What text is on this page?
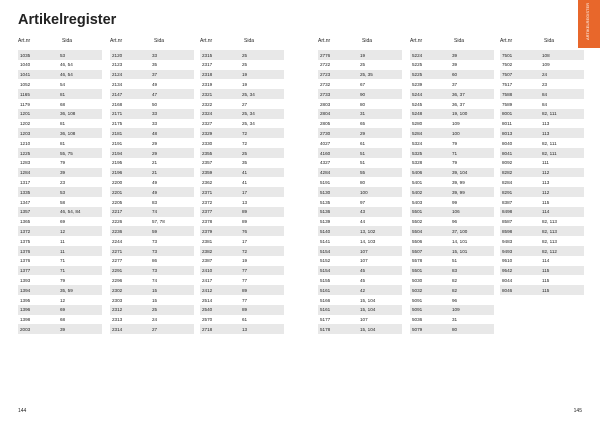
Artikelregister
Art.nr	Sida
1035	53
1040	46, 54
1041	46, 54
1052	54
1165	81
1179	68
1201	36, 108
1202	81
1203	36, 108
1210	81
1225	55, 75
1283	79
1284	39
1317	23
1335	53
1347	58
1357	46, 54, 84
1365	69
1372	12
1375	11
1376	11
1376	71
1377	71
1393	79
1394	35, 59
1395	12
1396	69
1398	68
2003	39
Art.nr	Sida
2120	33
2123	35
2124	37
2134	49
2147	47
2168	50
2171	33
2175	33
2181	48
2191	29
2194	29
2195	21
2196	21
2200	49
2201	49
2205	83
2217	74
2226	57, 78
2236	59
2244	73
2271	73
2277	86
2291	73
2296	74
2302	15
2303	15
2312	25
2313	24
2314	27
Art.nr	Sida
2315	25
2317	25
2318	19
2319	19
2321	25, 34
2322	27
2324	25, 34
2327	25, 34
2329	72
2330	72
2355	25
2357	35
2359	41
2362	41
2371	17
2372	13
2377	89
2378	89
2379	76
2381	17
2382	72
2387	19
2410	77
2417	77
2412	89
2514	77
2540	89
2570	61
2718	13
144
ARTIKELREGISTER
Art.nr	Sida
2776	19
2722	25
2723	25, 35
2732	67
2733	90
2803	80
2804	31
2805	65
2730	29
4027	61
4160	51
4327	51
4284	55
5191	80
5130	100
5135	97
5136	43
5139	44
5140	13, 102
5141	14, 103
5154	107
5152	107
5154	45
5155	45
5161	42
5166	15, 104
5161	15, 104
5177	107
5178	15, 104
Art.nr	Sida
5224	39
5225	39
5225	60
5239	37
5244	36, 37
5245	36, 37
5248	19, 100
5280	109
5284	100
5324	79
5325	71
5328	79
5406	39, 104
5401	39, 99
5402	39, 99
5403	99
5501	106
5502	96
5504	37, 100
5506	14, 101
5507	15, 101
5578	51
5501	83
5030	82
5032	82
5091	96
5091	109
5036	31
5079	80
Art.nr	Sida
7501	108
7502	109
7507	24
7517	23
7588	84
7589	84
8001	82, 111
8011	113
8013	113
8040	82, 111
8041	82, 111
8092	111
8282	112
8284	113
8291	112
8387	115
8498	114
8587	82, 113
8598	82, 113
9483	82, 113
9493	82, 112
9510	114
9542	115
8044	115
8046	115
145
